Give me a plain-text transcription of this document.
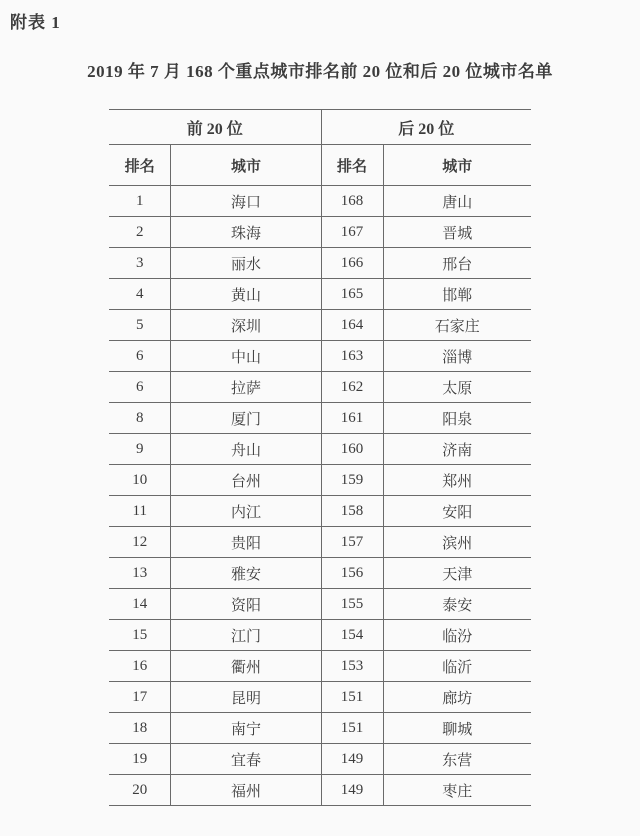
附表 1
2019 年 7 月 168 个重点城市排名前 20 位和后 20 位城市名单
前 20 位		后 20 位	
排名	城市	排名	城市
1	海口	168	唐山
2	珠海	167	晋城
3	丽水	166	邢台
4	黄山	165	邯郸
5	深圳	164	石家庄
6	中山	163	淄博
6	拉萨	162	太原
8	厦门	161	阳泉
9	舟山	160	济南
10	台州	159	郑州
11	内江	158	安阳
12	贵阳	157	滨州
13	雅安	156	天津
14	资阳	155	泰安
15	江门	154	临汾
16	衢州	153	临沂
17	昆明	151	廊坊
18	南宁	151	聊城
19	宜春	149	东营
20	福州	149	枣庄
